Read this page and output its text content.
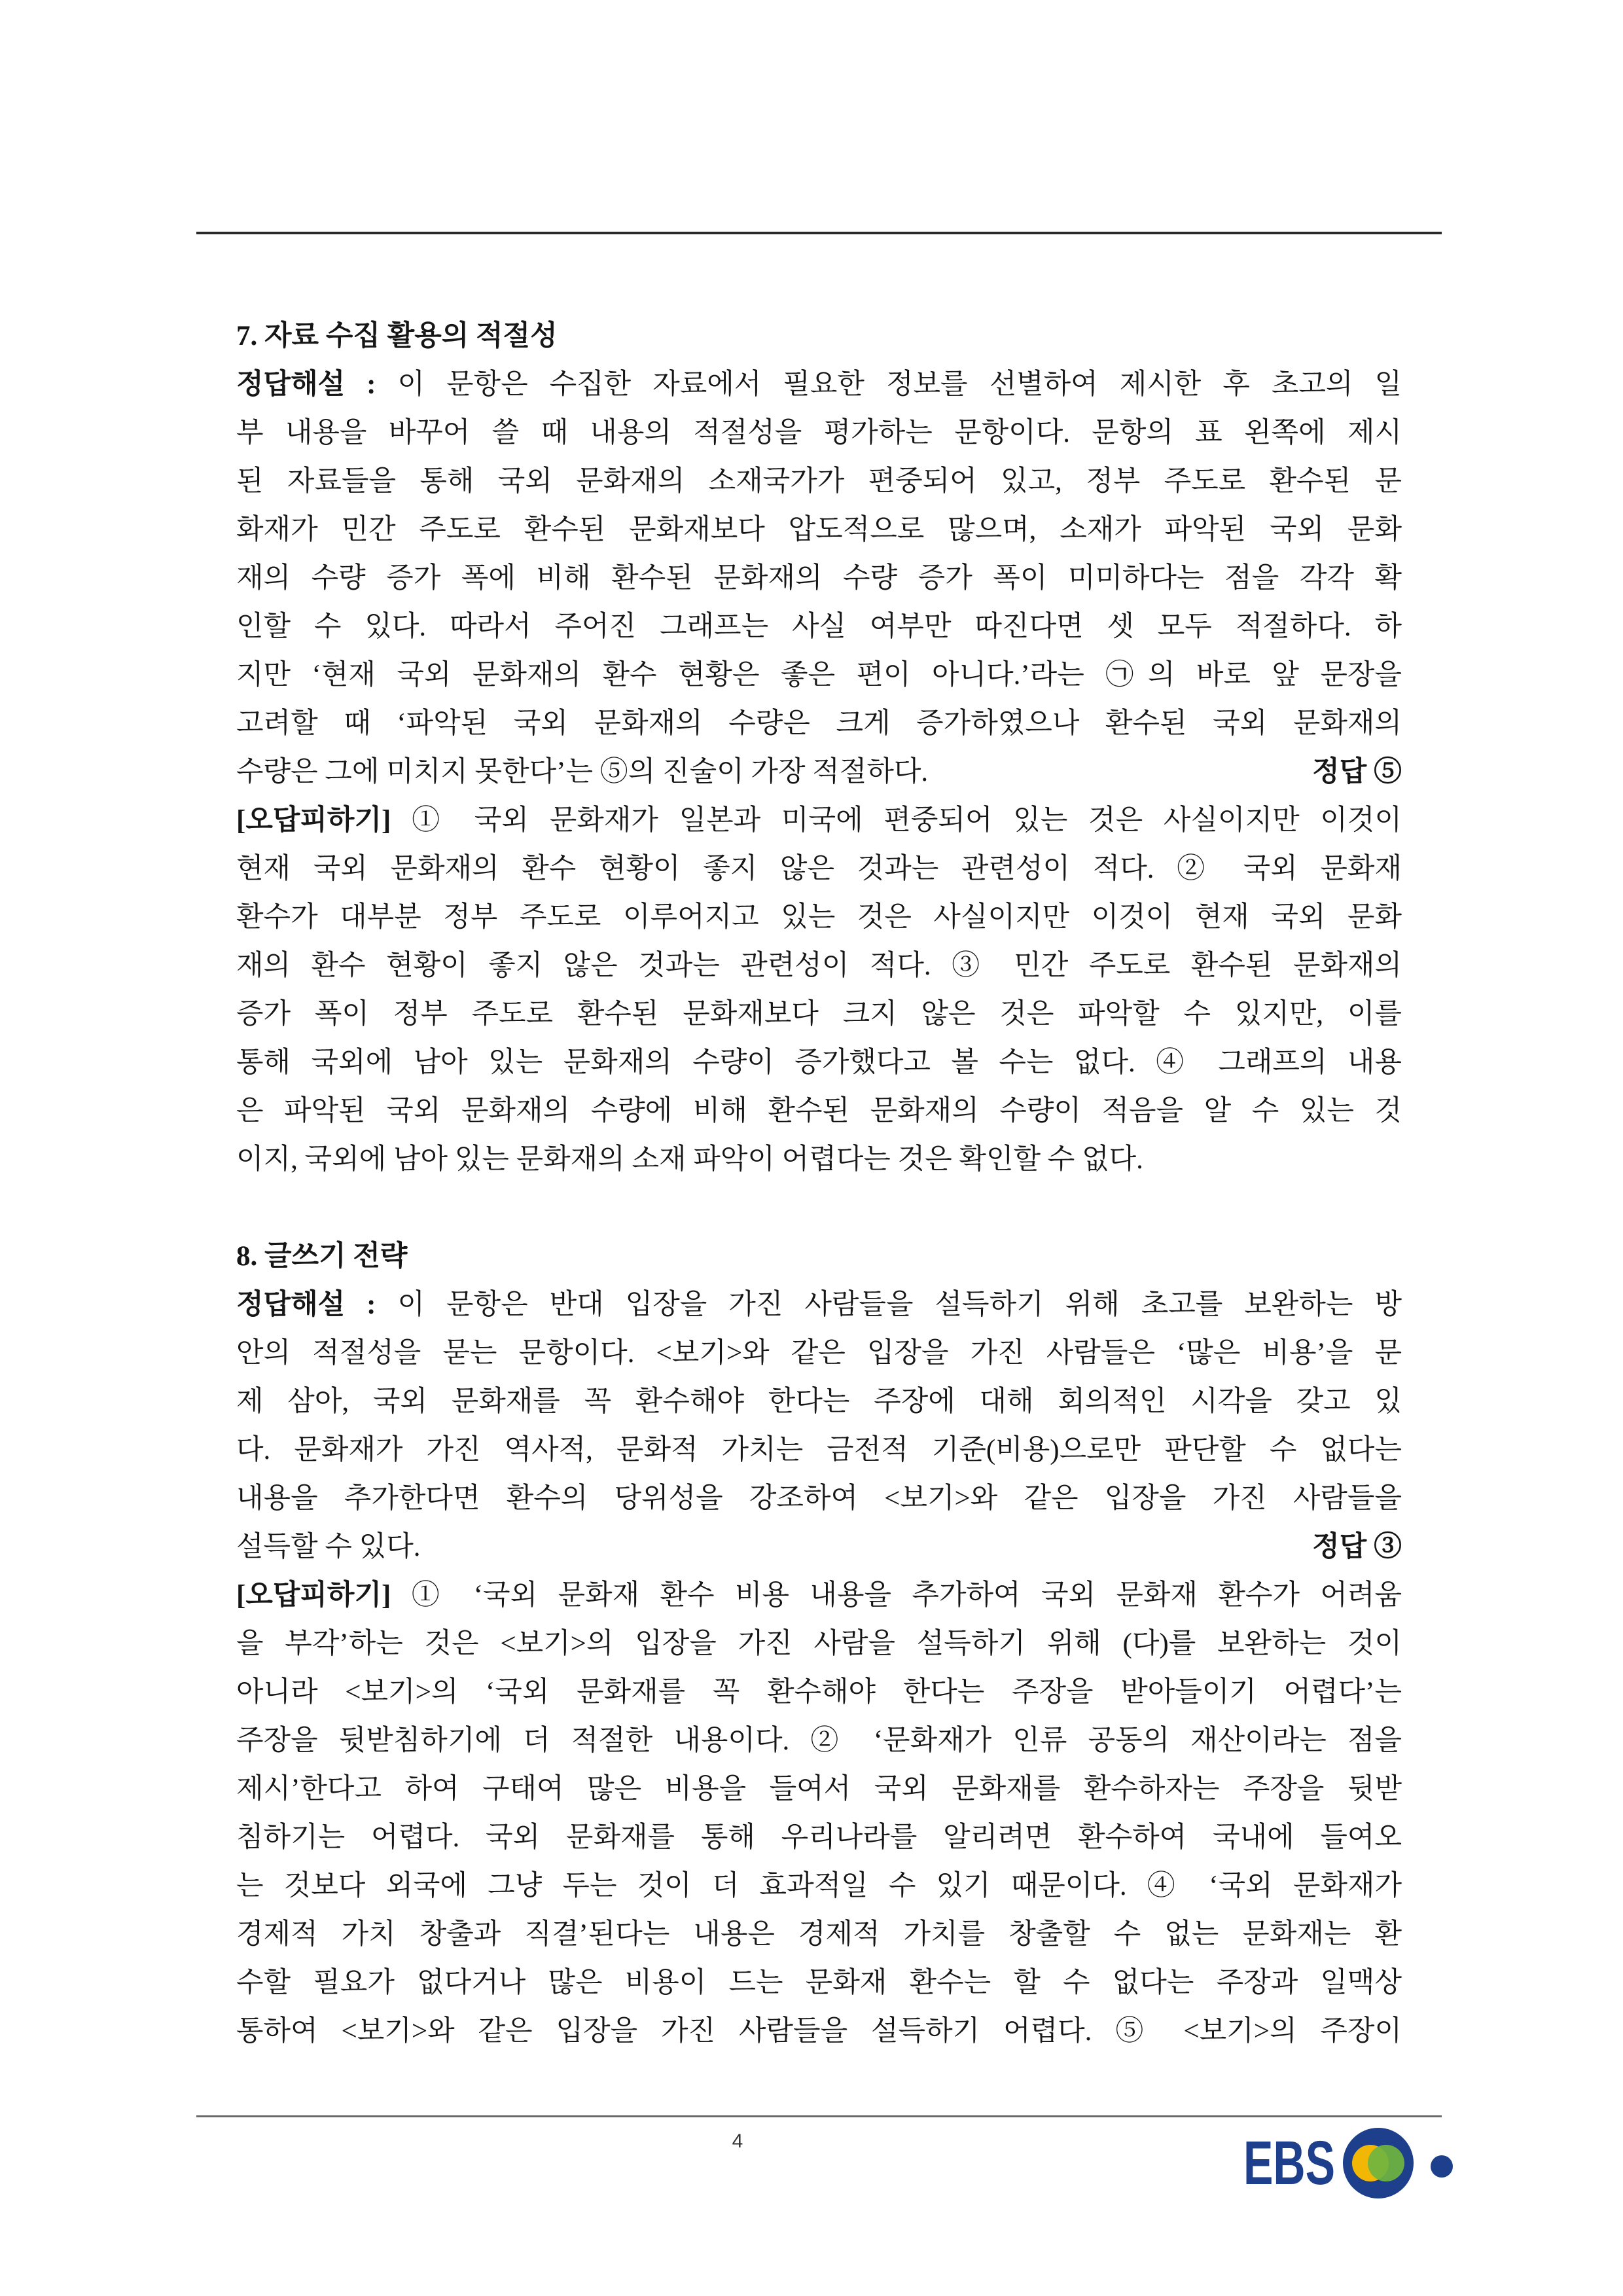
7. 자료 수집 활용의 적절성
정답해설 : 이 문항은 수집한 자료에서 필요한 정보를 선별하여 제시한 후 초고의 일
부 내용을 바꾸어 쓸 때 내용의 적절성을 평가하는 문항이다. 문항의 표 왼쪽에 제시
된 자료들을 통해 국외 문화재의 소재국가가 편중되어 있고, 정부 주도로 환수된 문
화재가 민간 주도로 환수된 문화재보다 압도적으로 많으며, 소재가 파악된 국외 문화
재의 수량 증가 폭에 비해 환수된 문화재의 수량 증가 폭이 미미하다는 점을 각각 확
인할 수 있다. 따라서 주어진 그래프는 사실 여부만 따진다면 셋 모두 적절하다. 하
지만 ‘현재 국외 문화재의 환수 현황은 좋은 편이 아니다.’라는 ㉠의 바로 앞 문장을
고려할 때 ‘파악된 국외 문화재의 수량은 크게 증가하였으나 환수된 국외 문화재의
수량은 그에 미치지 못한다’는 ⑤의 진술이 가장 적절하다.	정답 ⑤
[오답피하기] ① 국외 문화재가 일본과 미국에 편중되어 있는 것은 사실이지만 이것이
현재 국외 문화재의 환수 현황이 좋지 않은 것과는 관련성이 적다. ② 국외 문화재
환수가 대부분 정부 주도로 이루어지고 있는 것은 사실이지만 이것이 현재 국외 문화
재의 환수 현황이 좋지 않은 것과는 관련성이 적다. ③ 민간 주도로 환수된 문화재의
증가 폭이 정부 주도로 환수된 문화재보다 크지 않은 것은 파악할 수 있지만, 이를
통해 국외에 남아 있는 문화재의 수량이 증가했다고 볼 수는 없다. ④ 그래프의 내용
은 파악된 국외 문화재의 수량에 비해 환수된 문화재의 수량이 적음을 알 수 있는 것
이지, 국외에 남아 있는 문화재의 소재 파악이 어렵다는 것은 확인할 수 없다.
8. 글쓰기 전략
정답해설 : 이 문항은 반대 입장을 가진 사람들을 설득하기 위해 초고를 보완하는 방
안의 적절성을 묻는 문항이다. <보기>와 같은 입장을 가진 사람들은 ‘많은 비용’을 문
제 삼아, 국외 문화재를 꼭 환수해야 한다는 주장에 대해 회의적인 시각을 갖고 있
다. 문화재가 가진 역사적, 문화적 가치는 금전적 기준(비용)으로만 판단할 수 없다는
내용을 추가한다면 환수의 당위성을 강조하여 <보기>와 같은 입장을 가진 사람들을
설득할 수 있다.	정답 ③
[오답피하기] ① ‘국외 문화재 환수 비용 내용을 추가하여 국외 문화재 환수가 어려움
을 부각’하는 것은 <보기>의 입장을 가진 사람을 설득하기 위해 (다)를 보완하는 것이
아니라 <보기>의 ‘국외 문화재를 꼭 환수해야 한다는 주장을 받아들이기 어렵다’는
주장을 뒷받침하기에 더 적절한 내용이다. ② ‘문화재가 인류 공동의 재산이라는 점을
제시’한다고 하여 구태여 많은 비용을 들여서 국외 문화재를 환수하자는 주장을 뒷받
침하기는 어렵다. 국외 문화재를 통해 우리나라를 알리려면 환수하여 국내에 들여오
는 것보다 외국에 그냥 두는 것이 더 효과적일 수 있기 때문이다. ④ ‘국외 문화재가
경제적 가치 창출과 직결’된다는 내용은 경제적 가치를 창출할 수 없는 문화재는 환
수할 필요가 없다거나 많은 비용이 드는 문화재 환수는 할 수 없다는 주장과 일맥상
통하여 <보기>와 같은 입장을 가진 사람들을 설득하기 어렵다. ⑤ <보기>의 주장이
4	EBS
